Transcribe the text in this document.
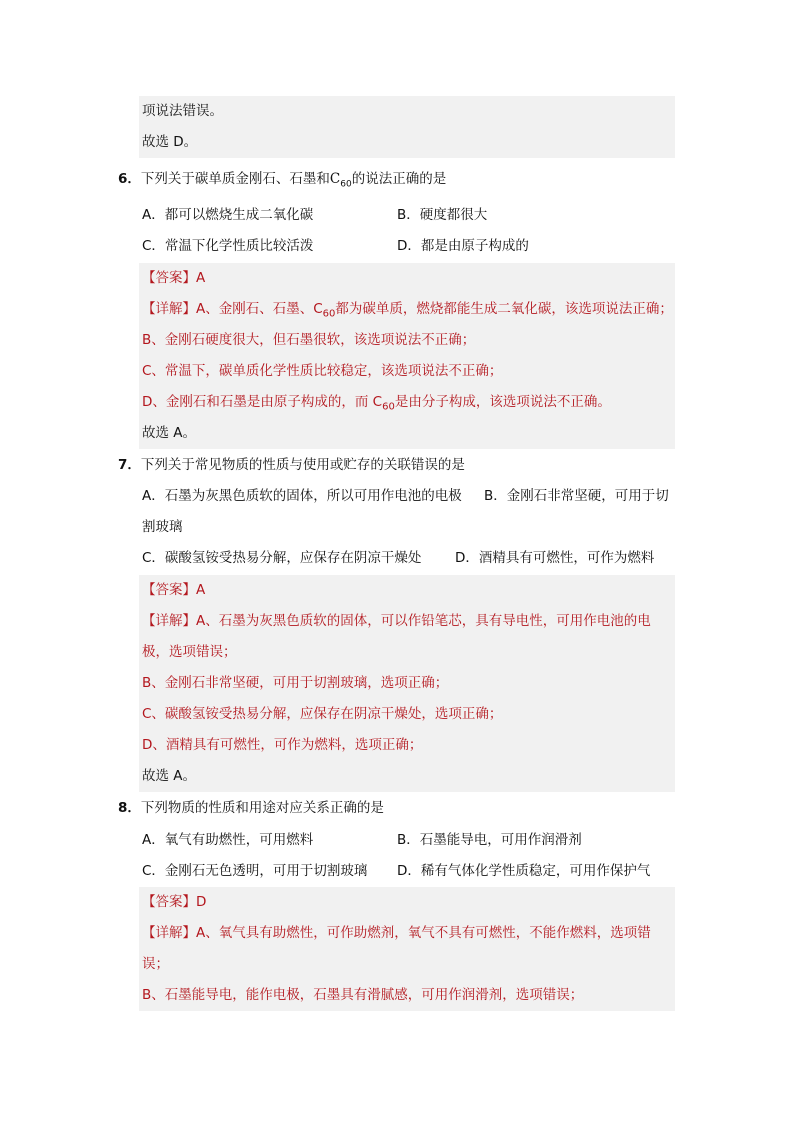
项说法错误。
故选 D。
6．下列关于碳单质金刚石、石墨和$C_{60}$的说法正确的是
A．都可以燃烧生成二氧化碳	B．硬度都很大
C．常温下化学性质比较活泼	D．都是由原子构成的
【答案】A
【详解】A、金刚石、石墨、$C_{60}$都为碳单质，燃烧都能生成二氧化碳，该选项说法正确；
B、金刚石硬度很大，但石墨很软，该选项说法不正确；
C、常温下，碳单质化学性质比较稳定，该选项说法不正确；
D、金刚石和石墨是由原子构成的，而 $C_{60}$是由分子构成，该选项说法不正确。
故选 A。
7．下列关于常见物质的性质与使用或贮存的关联错误的是
A．石墨为灰黑色质软的固体，所以可用作电池的电极 B．金刚石非常坚硬，可用于切
割玻璃
C．碳酸氢铵受热易分解，应保存在阴凉干燥处 D．酒精具有可燃性，可作为燃料
【答案】A
【详解】A、石墨为灰黑色质软的固体，可以作铅笔芯，具有导电性，可用作电池的电
极，选项错误；
B、金刚石非常坚硬，可用于切割玻璃，选项正确；
C、碳酸氢铵受热易分解，应保存在阴凉干燥处，选项正确；
D、酒精具有可燃性，可作为燃料，选项正确；
故选 A。
8．下列物质的性质和用途对应关系正确的是
A．氧气有助燃性，可用燃料	B．石墨能导电，可用作润滑剂
C．金刚石无色透明，可用于切割玻璃 D．稀有气体化学性质稳定，可用作保护气
【答案】D
【详解】A、氧气具有助燃性，可作助燃剂，氧气不具有可燃性，不能作燃料，选项错
误；
B、石墨能导电，能作电极，石墨具有滑腻感，可用作润滑剂，选项错误；
